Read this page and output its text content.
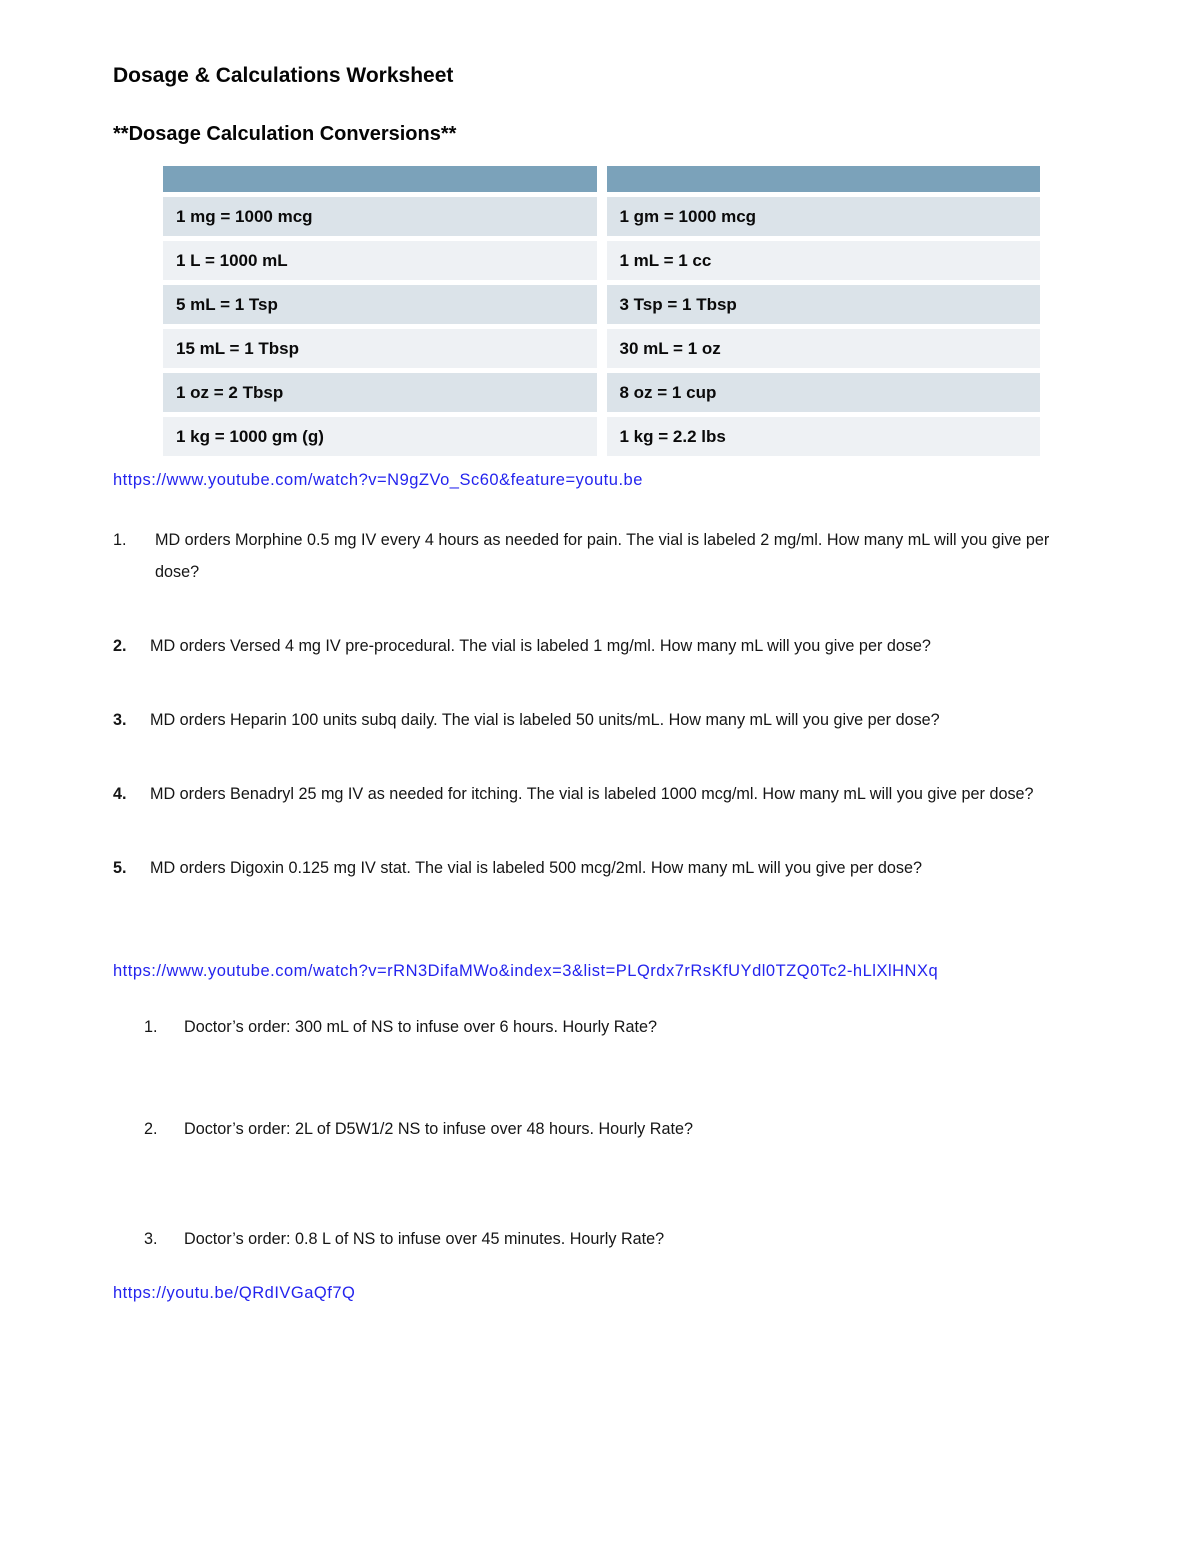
Dosage & Calculations Worksheet
**Dosage Calculation Conversions**
1 mg = 1000 mcg	1 gm = 1000 mcg
1 L = 1000 mL	1 mL = 1 cc
5 mL = 1 Tsp	3 Tsp = 1 Tbsp
15 mL = 1 Tbsp	30 mL = 1 oz
1 oz = 2 Tbsp	8 oz = 1 cup
1 kg = 1000 gm (g)	1 kg = 2.2 lbs
https://www.youtube.com/watch?v=N9gZVo_Sc60&feature=youtu.be
1.	MD orders Morphine 0.5 mg IV every 4 hours as needed for pain. The vial is labeled 2 mg/ml. How many mL will you give per dose?
2.	MD orders Versed 4 mg IV pre-procedural. The vial is labeled 1 mg/ml. How many mL will you give per dose?
3.	MD orders Heparin 100 units subq daily. The vial is labeled 50 units/mL. How many mL will you give per dose?
4.	MD orders Benadryl 25 mg IV as needed for itching. The vial is labeled 1000 mcg/ml. How many mL will you give per dose?
5.	MD orders Digoxin 0.125 mg IV stat. The vial is labeled 500 mcg/2ml. How many mL will you give per dose?
https://www.youtube.com/watch?v=rRN3DifaMWo&index=3&list=PLQrdx7rRsKfUYdl0TZQ0Tc2-hLlXlHNXq
1.	Doctor’s order: 300 mL of NS to infuse over 6 hours. Hourly Rate?
2.	Doctor’s order: 2L of D5W1/2 NS to infuse over 48 hours. Hourly Rate?
3.	Doctor’s order: 0.8 L of NS to infuse over 45 minutes. Hourly Rate?
https://youtu.be/QRdIVGaQf7Q
